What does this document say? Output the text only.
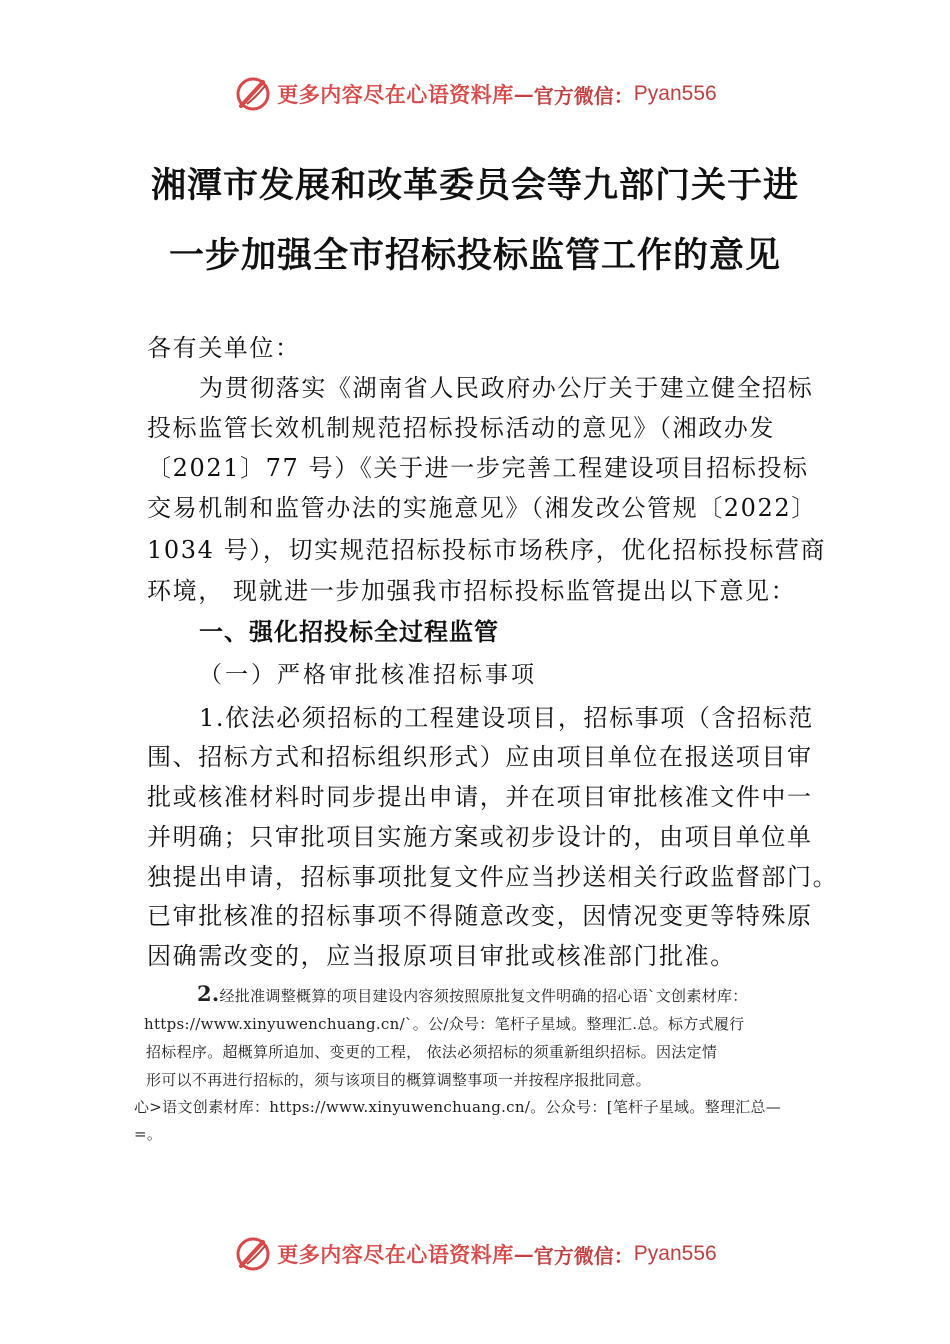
更多内容尽在心语资料库 — 官方微信： Pyan556
湘潭市发展和改革委员会等九部门关于进
一步加强全市招标投标监管工作的意见
各有关单位：
为贯彻落实《湖南省人民政府办公厅关于建立健全招标
投标监管长效机制规范招标投标活动的意见》（湘政办发
〔2021〕77 号）《关于进一步完善工程建设项目招标投标
交易机制和监管办法的实施意见》（湘发改公管规〔2022〕
1034 号），切实规范招标投标市场秩序，优化招标投标营商
环境， 现就进一步加强我市招标投标监管提出以下意见：
一、强化招投标全过程监管
（一）严格审批核准招标事项
1.依法必须招标的工程建设项目，招标事项（含招标范
围、招标方式和招标组织形式）应由项目单位在报送项目审
批或核准材料时同步提出申请，并在项目审批核准文件中一
并明确；只审批项目实施方案或初步设计的，由项目单位单
独提出申请，招标事项批复文件应当抄送相关行政监督部门。
已审批核准的招标事项不得随意改变，因情况变更等特殊原
因确需改变的，应当报原项目审批或核准部门批准。
2.经批准调整概算的项目建设内容须按照原批复文件明确的招心语`文创素材库：
https://www.xinyuwenchuang.cn/`。公/众号：笔杆子星域。整理汇.总。标方式履行
招标程序。超概算所追加、变更的工程， 依法必须招标的须重新组织招标。因法定情
形可以不再进行招标的，须与该项目的概算调整事项一并按程序报批同意。
心>语文创素材库：https://www.xinyuwenchuang.cn/。公众号：[笔杆子星域。整理汇总—
=。
更多内容尽在心语资料库 — 官方微信： Pyan556
